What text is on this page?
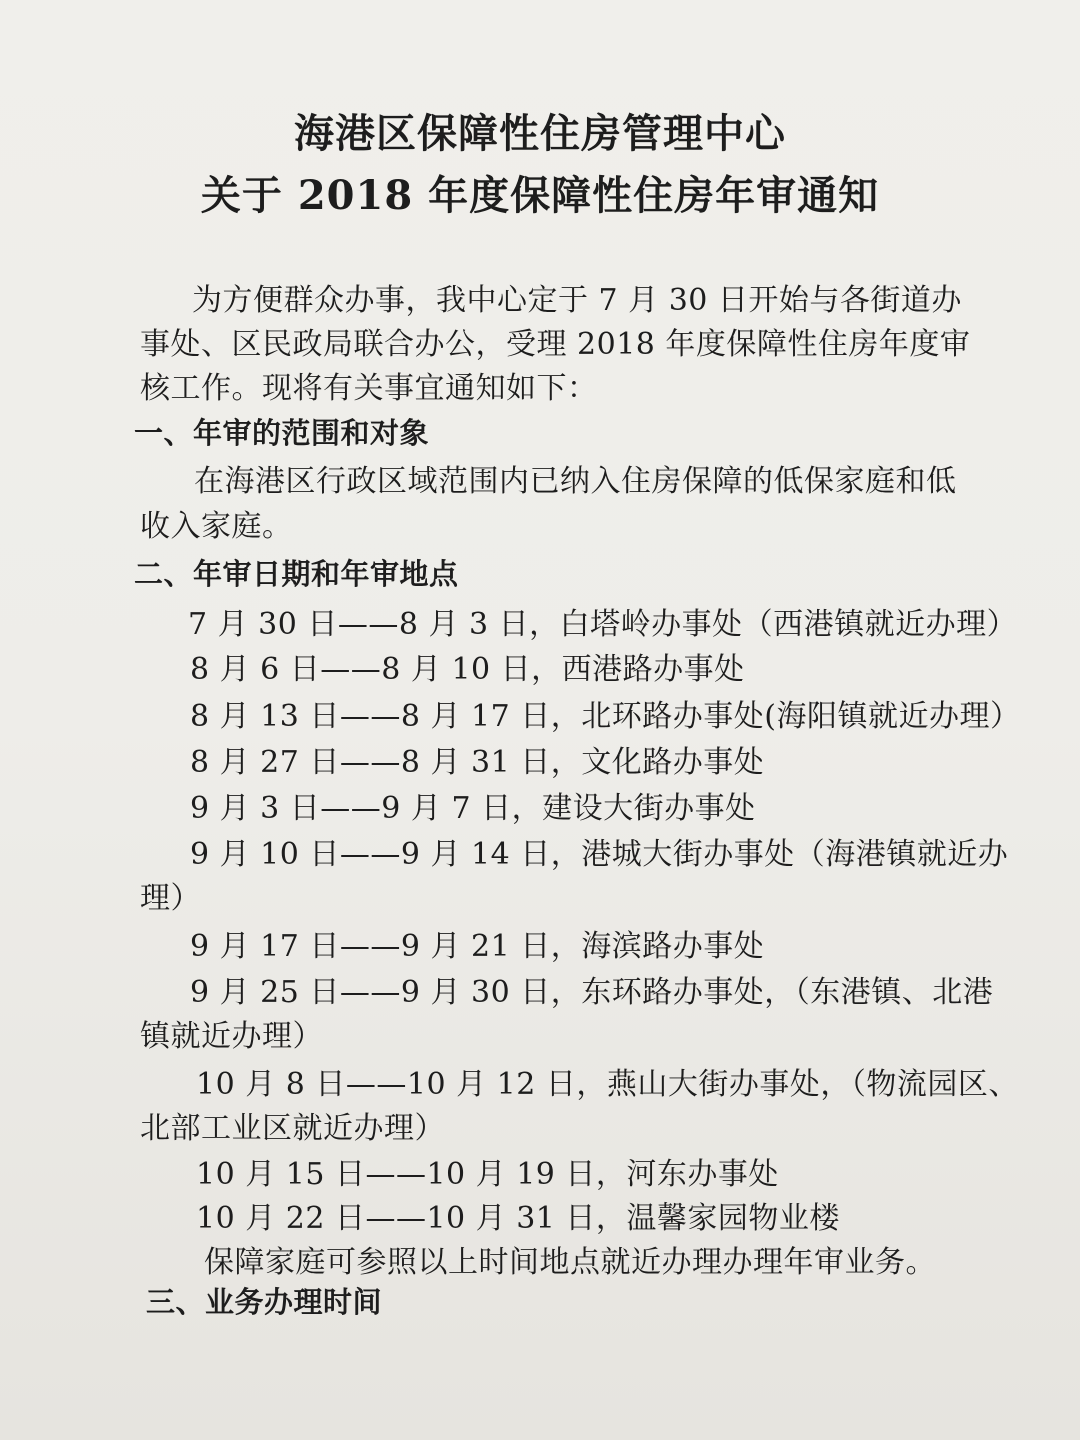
海港区保障性住房管理中心
关于 2018 年度保障性住房年审通知
为方便群众办事，我中心定于 7 月 30 日开始与各街道办
事处、区民政局联合办公，受理 2018 年度保障性住房年度审
核工作。现将有关事宜通知如下：
一、年审的范围和对象
在海港区行政区域范围内已纳入住房保障的低保家庭和低
收入家庭。
二、年审日期和年审地点
7 月 30 日——8 月 3 日，白塔岭办事处（西港镇就近办理）
8 月 6 日——8 月 10 日，西港路办事处
8 月 13 日——8 月 17 日，北环路办事处(海阳镇就近办理）
8 月 27 日——8 月 31 日，文化路办事处
9 月 3 日——9 月 7 日，建设大街办事处
9 月 10 日——9 月 14 日，港城大街办事处（海港镇就近办
理）
9 月 17 日——9 月 21 日，海滨路办事处
9 月 25 日——9 月 30 日，东环路办事处，（东港镇、北港
镇就近办理）
10 月 8 日——10 月 12 日，燕山大街办事处，（物流园区、
北部工业区就近办理）
10 月 15 日——10 月 19 日，河东办事处
10 月 22 日——10 月 31 日，温馨家园物业楼
保障家庭可参照以上时间地点就近办理办理年审业务。
三、业务办理时间
